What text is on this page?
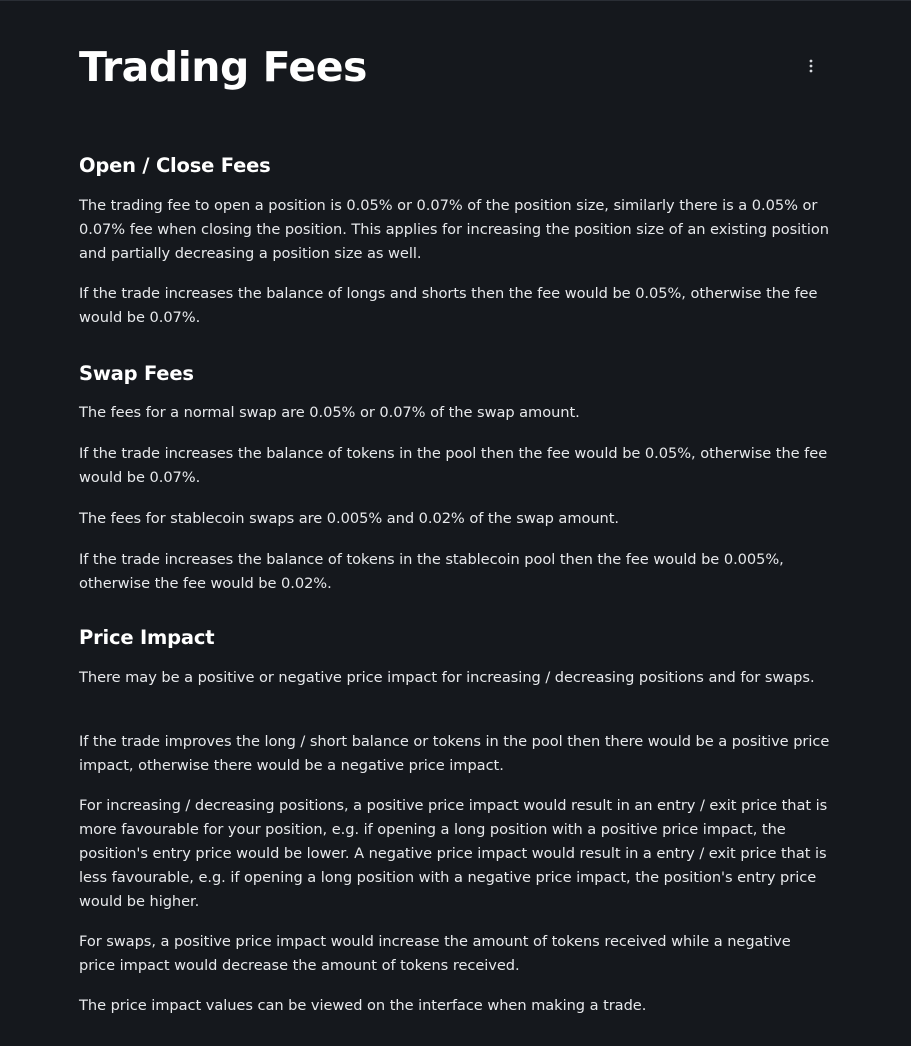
Trading Fees
Open / Close Fees

The trading fee to open a position is 0.05% or 0.07% of the position size, similarly there is a 0.05% or 0.07% fee when closing the position. This applies for increasing the position size of an existing position and partially decreasing a position size as well.

If the trade increases the balance of longs and shorts then the fee would be 0.05%, otherwise the fee would be 0.07%.

Swap Fees

The fees for a normal swap are 0.05% or 0.07% of the swap amount.

If the trade increases the balance of tokens in the pool then the fee would be 0.05%, otherwise the fee would be 0.07%.

The fees for stablecoin swaps are 0.005% and 0.02% of the swap amount.

If the trade increases the balance of tokens in the stablecoin pool then the fee would be 0.005%, otherwise the fee would be 0.02%.

Price Impact

There may be a positive or negative price impact for increasing / decreasing positions and for swaps.

If the trade improves the long / short balance or tokens in the pool then there would be a positive price impact, otherwise there would be a negative price impact.

For increasing / decreasing positions, a positive price impact would result in an entry / exit price that is more favourable for your position, e.g. if opening a long position with a positive price impact, the position's entry price would be lower. A negative price impact would result in a entry / exit price that is less favourable, e.g. if opening a long position with a negative price impact, the position's entry price would be higher.

For swaps, a positive price impact would increase the amount of tokens received while a negative price impact would decrease the amount of tokens received.

The price impact values can be viewed on the interface when making a trade.
